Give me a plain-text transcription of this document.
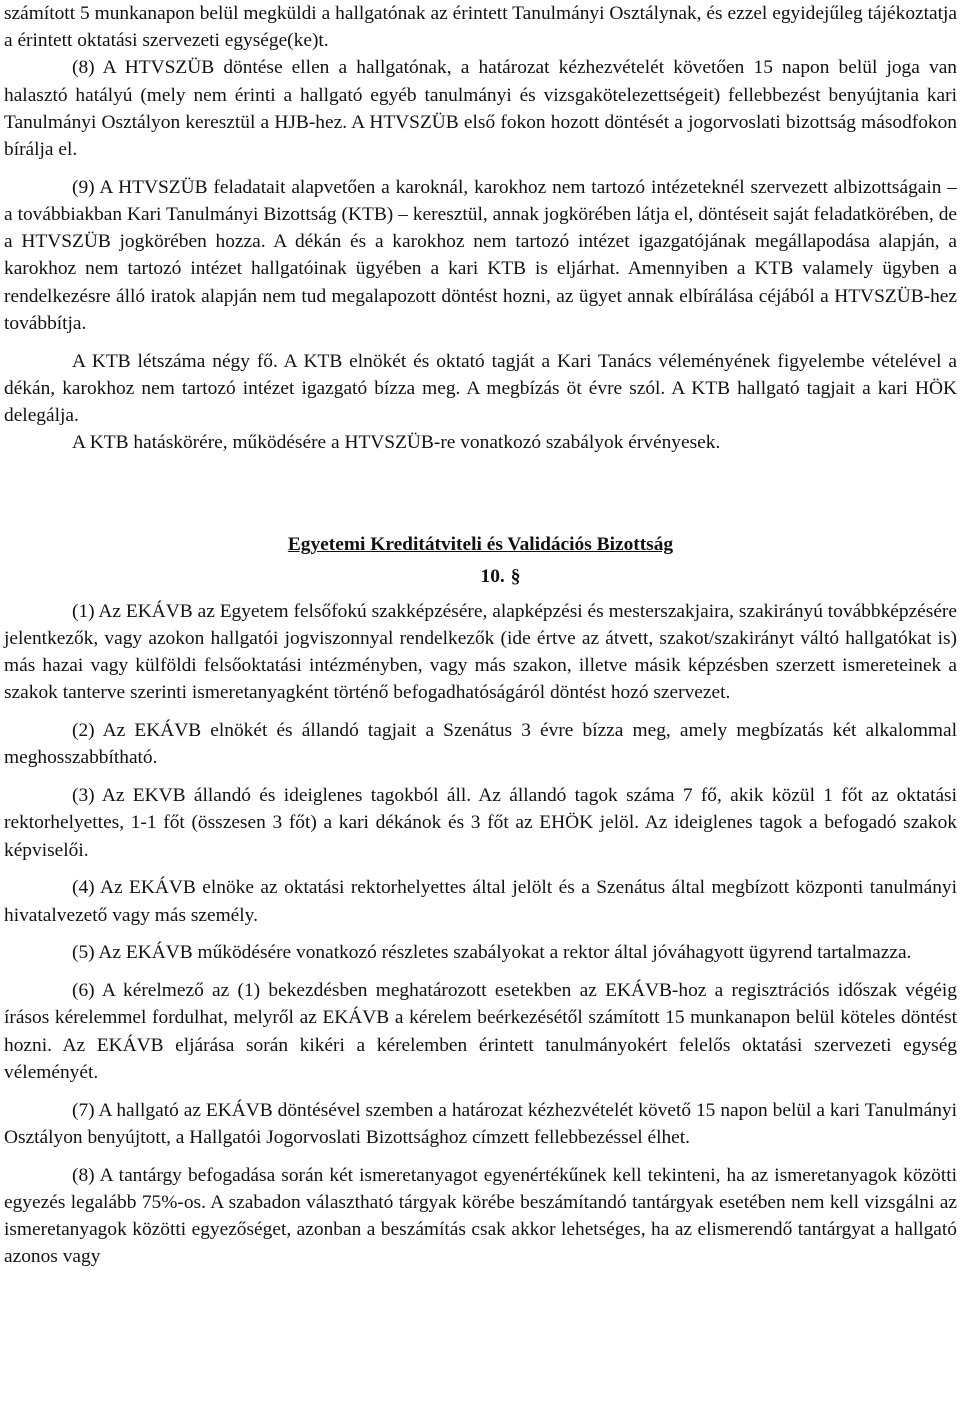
számított 5 munkanapon belül megküldi a hallgatónak az érintett Tanulmányi Osztálynak, és ezzel egyidejűleg tájékoztatja a érintett oktatási szervezeti egysége(ke)t.

(8) A HTVSZÜB döntése ellen a hallgatónak, a határozat kézhezvételét követően 15 napon belül joga van halasztó hatályú (mely nem érinti a hallgató egyéb tanulmányi és vizsgakötelezettségeit) fellebbezést benyújtania kari Tanulmányi Osztályon keresztül a HJB-hez. A HTVSZÜB első fokon hozott döntését a jogorvoslati bizottság másodfokon bírálja el.

(9) A HTVSZÜB feladatait alapvetően a karoknál, karokhoz nem tartozó intézeteknél szervezett albizottságain – a továbbiakban Kari Tanulmányi Bizottság (KTB) – keresztül, annak jogkörében látja el, döntéseit saját feladatkörében, de a HTVSZÜB jogkörében hozza. A dékán és a karokhoz nem tartozó intézet igazgatójának megállapodása alapján, a karokhoz nem tartozó intézet hallgatóinak ügyében a kari KTB is eljárhat. Amennyiben a KTB valamely ügyben a rendelkezésre álló iratok alapján nem tud megalapozott döntést hozni, az ügyet annak elbírálása céjából a HTVSZÜB-hez továbbítja.

A KTB létszáma négy fő. A KTB elnökét és oktató tagját a Kari Tanács véleményének figyelembe vételével a dékán, karokhoz nem tartozó intézet igazgató bízza meg. A megbízás öt évre szól. A KTB hallgató tagjait a kari HÖK delegálja.

A KTB hatáskörére, működésére a HTVSZÜB-re vonatkozó szabályok érvényesek.

Egyetemi Kreditátviteli és Validációs Bizottság
10. §

(1) Az EKÁVB az Egyetem felsőfokú szakképzésére, alapképzési és mesterszakjaira, szakirányú továbbképzésére jelentkezők, vagy azokon hallgatói jogviszonnyal rendelkezők (ide értve az átvett, szakot/szakirányt váltó hallgatókat is) más hazai vagy külföldi felsőoktatási intézményben, vagy más szakon, illetve másik képzésben szerzett ismereteinek a szakok tanterve szerinti ismeretanyagként történő befogadhatóságáról döntést hozó szervezet.

(2) Az EKÁVB elnökét és állandó tagjait a Szenátus 3 évre bízza meg, amely megbízatás két alkalommal meghosszabbítható.

(3) Az EKVB állandó és ideiglenes tagokból áll. Az állandó tagok száma 7 fő, akik közül 1 főt az oktatási rektorhelyettes, 1-1 főt (összesen 3 főt) a kari dékánok és 3 főt az EHÖK jelöl. Az ideiglenes tagok a befogadó szakok képviselői.

(4) Az EKÁVB elnöke az oktatási rektorhelyettes által jelölt és a Szenátus által megbízott központi tanulmányi hivatalvezető vagy más személy.

(5) Az EKÁVB működésére vonatkozó részletes szabályokat a rektor által jóváhagyott ügyrend tartalmazza.

(6) A kérelmező az (1) bekezdésben meghatározott esetekben az EKÁVB-hoz a regisztrációs időszak végéig írásos kérelemmel fordulhat, melyről az EKÁVB a kérelem beérkezésétől számított 15 munkanapon belül köteles döntést hozni. Az EKÁVB eljárása során kikéri a kérelemben érintett tanulmányokért felelős oktatási szervezeti egység véleményét.

(7) A hallgató az EKÁVB döntésével szemben a határozat kézhezvételét követő 15 napon belül a kari Tanulmányi Osztályon benyújtott, a Hallgatói Jogorvoslati Bizottsághoz címzett fellebbezéssel élhet.

(8) A tantárgy befogadása során két ismeretanyagot egyenértékűnek kell tekinteni, ha az ismeretanyagok közötti egyezés legalább 75%-os. A szabadon választható tárgyak körébe beszámítandó tantárgyak esetében nem kell vizsgálni az ismeretanyagok közötti egyezőséget, azonban a beszámítás csak akkor lehetséges, ha az elismerendő tantárgyat a hallgató azonos vagy
